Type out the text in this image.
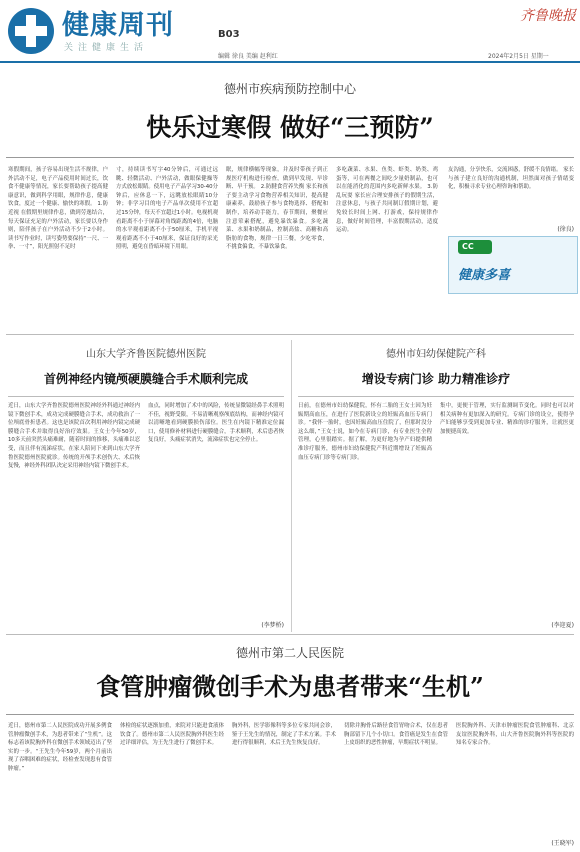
健康周刊
关注健康生活
B03
齐鲁晚报
编辑 徐良 美编 赵利红	2024年2月5日 星期一
德州市疾病预防控制中心
快乐过寒假 做好“三预防”
寒假期间，孩子容易出现生活不规律，户外活动不足，电子产品使用时间过长，饮食不健康等情况，家长要帮助孩子提高健康意识，做到科学用眼，规律作息，健康饮食，度过一个健康、愉快的寒假。 1.防近视 在假期里规律作息，做到劳逸结合，每天保证充足的户外活动，家长要以身作则，陪伴孩子在户外活动不少于2小时。读书写作业时，读写姿势要保持“一尺、一拳、一寸”，阳光照射不足时
寸，持续读书写字40分钟后，可通过远眺、轻微活动、户外活动，做眼保健操等方式放松眼睛。使用电子产品学习30-40分钟后，应休息一下，远眺放松眼睛10分钟；非学习目的电子产品单次使用不宜超过15分钟，每天不宜超过1小时。电视机观看距离不小于屏幕对角线距离的4倍，电脑的水平观看距离不小于50厘米，手机平视观看距离不小于40厘米，保证良好的采光照明，避免在昏暗环境下用眼。
眠，规律横幅等现象，并及时带孩子到正规医疗机构进行检查，做到早发现、早诊断、早干预。 2.防腱食营养失衡 家长和孩子要主动学习食物营养相关知识，提高健康素养，鼓励孩子参与食物选择、搭配和制作，培养动手能力，春节期间，聚餐应注意荤素搭配，避免暴饮暴食。多吃蔬菜、水果和奶制品，控制高盐、高糖和高脂肪的食物，规律一日三餐，少吃零食，不挑食偏食，不暴饮暴食。
多吃蔬菜、水果、鱼类、虾类、奶类、鸡蛋等，可在两餐之间吃少量奶制品，也可以在能消化的范围内多吃新鲜水果。 3.防乱玩耍 家长应合理安排孩子的假期生活，注意休息，与孩子共同制订假期计划，避免较长时间上网、打游戏，保持规律作息，做好时间管理，丰富假期活动，适度运动。
友沟通，分享快乐，交流困惑，舒缓不良情绪。 家长与孩子建立良好的沟通机制，坦然面对孩子情绪变化，积极寻求专业心理咨询和帮助。
(徐良)
CC
健康多喜
山东大学齐鲁医院德州医院
首例神经内镜颅硬膜缝合手术顺利完成
近日，山东大学齐鲁医院德州医院神经外科通过神经内镜下微创手术，成功完成硬膜缝合手术，成功救治了一位颅底骨折患者。这也是该院首次利用神经内镜完成硬膜缝合手术并取得良好治疗效果。王女士今年50岁，10多天前突然头痛难耐，随着时间的推移，头痛难以忍受，而且伴有流涕症状。在家人陪同下来到山东大学齐鲁医院德州医院就诊。传统的开颅手术创伤大、术后恢复慢，神经外科团队决定采用神经内镜下微创手术。
血点，同时增加了术中的风险，传统显微镜经鼻手术照明不佳，视野受限，不易清晰观察颅底结构，而神经内镜可以清晰地看到硬膜损伤部位。医生在内镜下精准定位漏口，使用修补材料进行硬膜缝合，手术顺利，术后患者恢复良好，头痛症状消失，流涕症状也完全停止。
(李梦桥)
德州市妇幼保健院产科
增设专病门诊 助力精准诊疗
日前，在德州市妇幼保健院，怀有二胎的王女士因为妊娠期高血压，在进行了医院新设立的妊娠高血压专病门诊。“我怀一胎时，也因妊娠高血压住院了，但那时没分这么细，”王女士说，如今在专病门诊，有专业医生全程管理，心里很踏实。据了解，为更好地为孕产妇提供精准诊疗服务，德州市妇幼保健院产科近期增设了妊娠高血压专病门诊等专病门诊。
集中，更便于管理，实行监测调节变化。同时也可以对相关病种有更加深入的研究。专病门诊的设立，使得孕产妇能够享受到更加专业、精准的诊疗服务，让就医更加便捷高效。
(李迎夏)
德州市第二人民医院
食管肿瘤微创手术为患者带来“生机”
近日，德州市第二人民医院成功开展多例食管肿瘤微创手术，为患者带来了“生机”。这标志着该院胸外科在微创手术领域迈出了坚实的一步。“王先生今年59岁，两个月前出现了吞咽困难的症状，经检查发现患有食管肿瘤。”
体检的症状逐渐加重，来院对只能进食液体饮食了。德州市第二人民医院胸外科医生经过详细评估，为王先生进行了微创手术。
胸外科，医学影像科等多位专家共同会诊，鉴于王先生的情况，制定了手术方案。手术进行得很顺利，术后王先生恢复良好。
切除并胸骨后路径食管胃吻合术，仅在患者胸部留下几个小切口。食管癌是发生在食管上皮组织的恶性肿瘤，早期症状不明显。
医院胸外科、天津市肿瘤医院食管肿瘤科、北京友谊医院胸外科，山大齐鲁医院胸外科等医院的知名专家合作。
(王晓军)
